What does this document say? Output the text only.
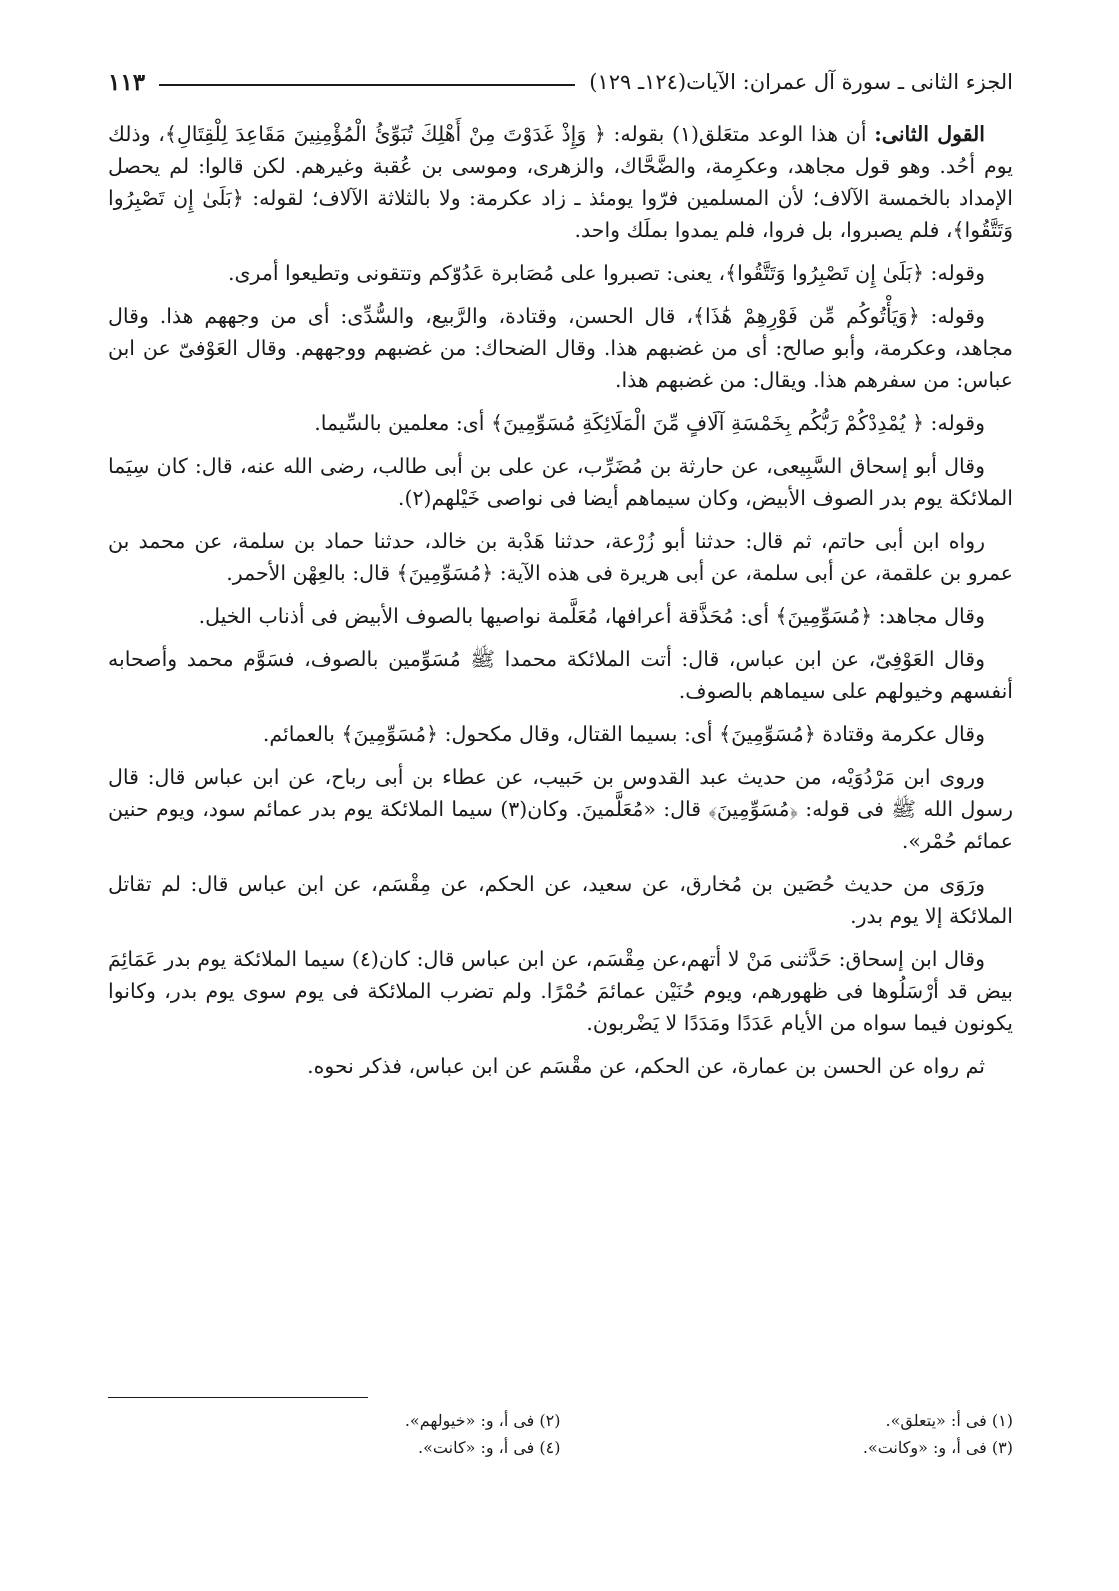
الجزء الثانى ـ سورة آل عمران: الآيات(١٢٤ـ ١٢٩)
١١٣

القول الثانى: أن هذا الوعد متعَلق(١) بقوله: ﴿ وَإِذْ غَدَوْتَ مِنْ أَهْلِكَ تُبَوِّئُ الْمُؤْمِنِينَ مَقَاعِدَ لِلْقِتَالِ﴾، وذلك يوم أحُد. وهو قول مجاهد، وعكرِمة، والضَّحَّاك، والزهرى، وموسى بن عُقبة وغيرهم. لكن قالوا: لم يحصل الإمداد بالخمسة الآلاف؛ لأن المسلمين فرّوا يومئذ ـ زاد عكرمة: ولا بالثلاثة الآلاف؛ لقوله: ﴿بَلَىٰ إِن تَصْبِرُوا وَتَتَّقُوا﴾، فلم يصبروا، بل فروا، فلم يمدوا بملَك واحد.

وقوله: ﴿بَلَىٰ إِن تَصْبِرُوا وَتَتَّقُوا﴾، يعنى: تصبروا على مُصَابرة عَدُوّكم وتتقونى وتطيعوا أمرى.

وقوله: ﴿وَيَأْتُوكُم مِّن فَوْرِهِمْ هَٰذَا﴾، قال الحسن، وقتادة، والرَّبيع، والسُّدِّى: أى من وجههم هذا. وقال مجاهد، وعكرمة، وأبو صالح: أى من غضبهم هذا. وقال الضحاك: من غضبهم ووجههم. وقال العَوْفىّ عن ابن عباس: من سفرهم هذا. ويقال: من غضبهم هذا.

وقوله: ﴿ يُمْدِدْكُمْ رَبُّكُم بِخَمْسَةِ آلَافٍ مِّنَ الْمَلَائِكَةِ مُسَوِّمِينَ﴾ أى: معلمين بالسِّيما.

وقال أبو إسحاق السَّبِيعى، عن حارثة بن مُضَرِّب، عن على بن أبى طالب، رضى الله عنه، قال: كان سِيَما الملائكة يوم بدر الصوف الأبيض، وكان سيماهم أيضا فى نواصى خَيْلهم(٢).

رواه ابن أبى حاتم، ثم قال: حدثنا أبو زُرْعة، حدثنا هَدْبة بن خالد، حدثنا حماد بن سلمة، عن محمد بن عمرو بن علقمة، عن أبى سلمة، عن أبى هريرة فى هذه الآية: ﴿مُسَوِّمِينَ﴾ قال: بالعِهْن الأحمر.

وقال مجاهد: ﴿مُسَوِّمِينَ﴾ أى: مُحَذَّقة أعرافها، مُعَلَّمة نواصيها بالصوف الأبيض فى أذناب الخيل.

وقال العَوْفِىّ، عن ابن عباس، قال: أتت الملائكة محمدا ﷺ مُسَوِّمين بالصوف، فسَوَّم محمد وأصحابه أنفسهم وخيولهم على سيماهم بالصوف.

وقال عكرمة وقتادة ﴿مُسَوِّمِينَ﴾ أى: بسيما القتال، وقال مكحول: ﴿مُسَوِّمِينَ﴾ بالعمائم.

وروى ابن مَرْدُوَيْه، من حديث عبد القدوس بن حَبيب، عن عطاء بن أبى رباح، عن ابن عباس قال: قال رسول الله ﷺ فى قوله: ﴿مُسَوِّمِينَ﴾ قال: «مُعَلَّمينَ. وكان(٣) سيما الملائكة يوم بدر عمائم سود، ويوم حنين عمائم حُمْر».

ورَوَى من حديث حُصَين بن مُخارق، عن سعيد، عن الحكم، عن مِقْسَم، عن ابن عباس قال: لم تقاتل الملائكة إلا يوم بدر.

وقال ابن إسحاق: حَدَّثنى مَنْ لا أتهم،عن مِقْسَم، عن ابن عباس قال: كان(٤) سيما الملائكة يوم بدر عَمَائِمَ بيض قد أرْسَلُوها فى ظهورهم، ويوم حُنَيْن عمائمَ حُمْرًا. ولم تضرب الملائكة فى يوم سوى يوم بدر، وكانوا يكونون فيما سواه من الأيام عَدَدًا ومَدَدًا لا يَضْربون.

ثم رواه عن الحسن بن عمارة، عن الحكم، عن مقْسَم عن ابن عباس، فذكر نحوه.

(١) فى أ: «يتعلق».
(٢) فى أ، و: «خيولهم».
(٣) فى أ، و: «وكانت».
(٤) فى أ، و: «كانت».
